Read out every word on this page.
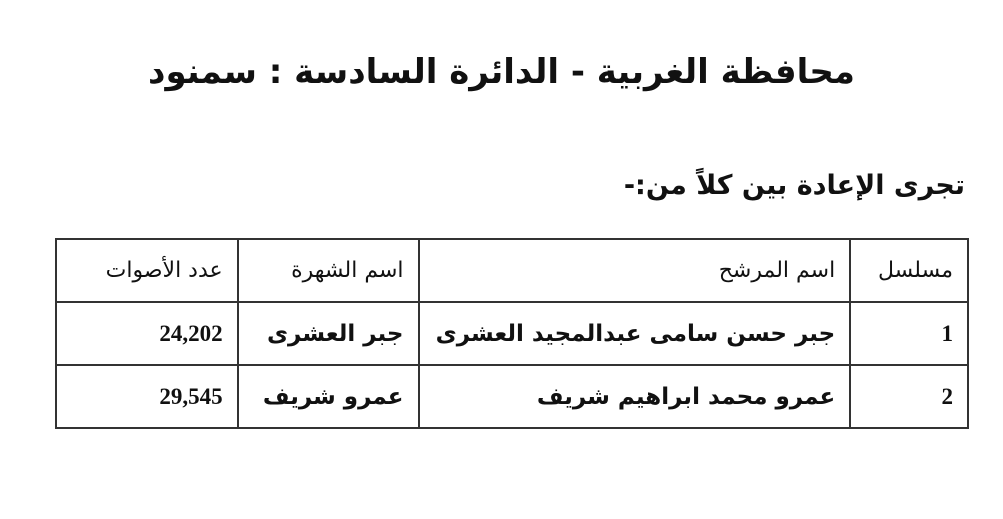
محافظة الغربية - الدائرة السادسة : سمنود
تجرى الإعادة بين كلاً من:-
مسلسل	اسم المرشح	اسم الشهرة	عدد الأصوات
1	جبر حسن سامى عبدالمجيد العشرى	جبر العشرى	24,202
2	عمرو محمد ابراهيم شريف	عمرو شريف	29,545
